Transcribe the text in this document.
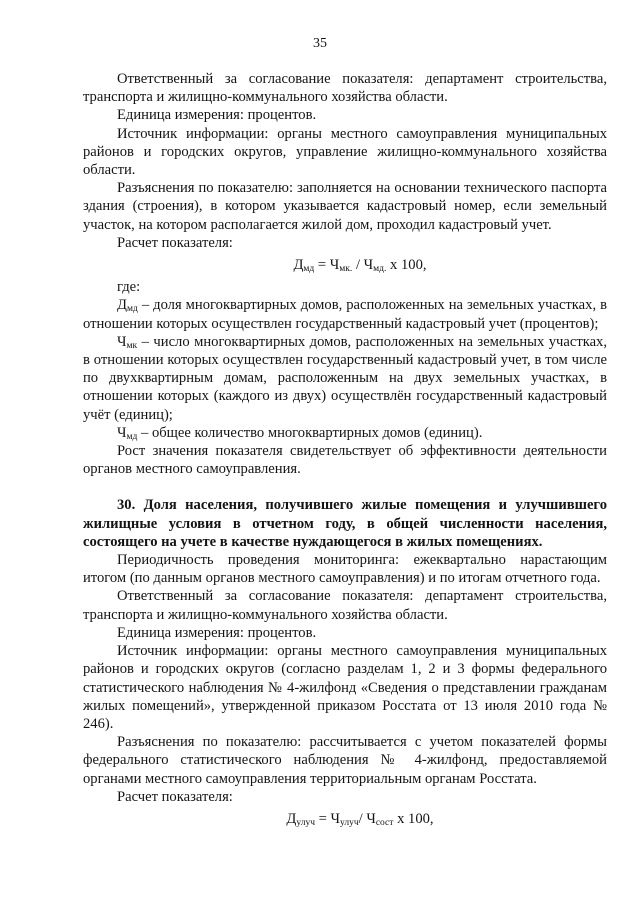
35

Ответственный за согласование показателя: департамент строительства, транспорта и жилищно-коммунального хозяйства области.

Единица измерения: процентов.

Источник информации: органы местного самоуправления муниципальных районов и городских округов, управление жилищно-коммунального хозяйства области.

Разъяснения по показателю: заполняется на основании технического паспорта здания (строения), в котором указывается кадастровый номер, если земельный участок, на котором располагается жилой дом, проходил кадастровый учет.

Расчет показателя:

$Д_{мд} = Ч_{мк.} / Ч_{мд.}$ х 100,

где:

$Д_{мд}$ – доля многоквартирных домов, расположенных на земельных участках, в отношении которых осуществлен государственный кадастровый учет (процентов);

$Ч_{мк}$ – число многоквартирных домов, расположенных на земельных участках, в отношении которых осуществлен государственный кадастровый учет, в том числе по двухквартирным домам, расположенным на двух земельных участках, в отношении которых (каждого из двух) осуществлён государственный кадастровый учёт (единиц);

$Ч_{мд}$ – общее количество многоквартирных домов (единиц).

Рост значения показателя свидетельствует об эффективности деятельности органов местного самоуправления.

30. Доля населения, получившего жилые помещения и улучшившего жилищные условия в отчетном году, в общей численности населения, состоящего на учете в качестве нуждающегося в жилых помещениях.

Периодичность проведения мониторинга: ежеквартально нарастающим итогом (по данным органов местного самоуправления) и по итогам отчетного года.

Ответственный за согласование показателя: департамент строительства, транспорта и жилищно-коммунального хозяйства области.

Единица измерения: процентов.

Источник информации: органы местного самоуправления муниципальных районов и городских округов (согласно разделам 1, 2 и 3 формы федерального статистического наблюдения № 4-жилфонд «Сведения о представлении гражданам жилых помещений», утвержденной приказом Росстата от 13 июля 2010 года № 246).

Разъяснения по показателю: рассчитывается с учетом показателей формы федерального статистического наблюдения № 4-жилфонд, предоставляемой органами местного самоуправления территориальным органам Росстата.

Расчет показателя:

$Д_{улуч} = Ч_{улуч}/$ $Ч_{сост}$ х 100,
